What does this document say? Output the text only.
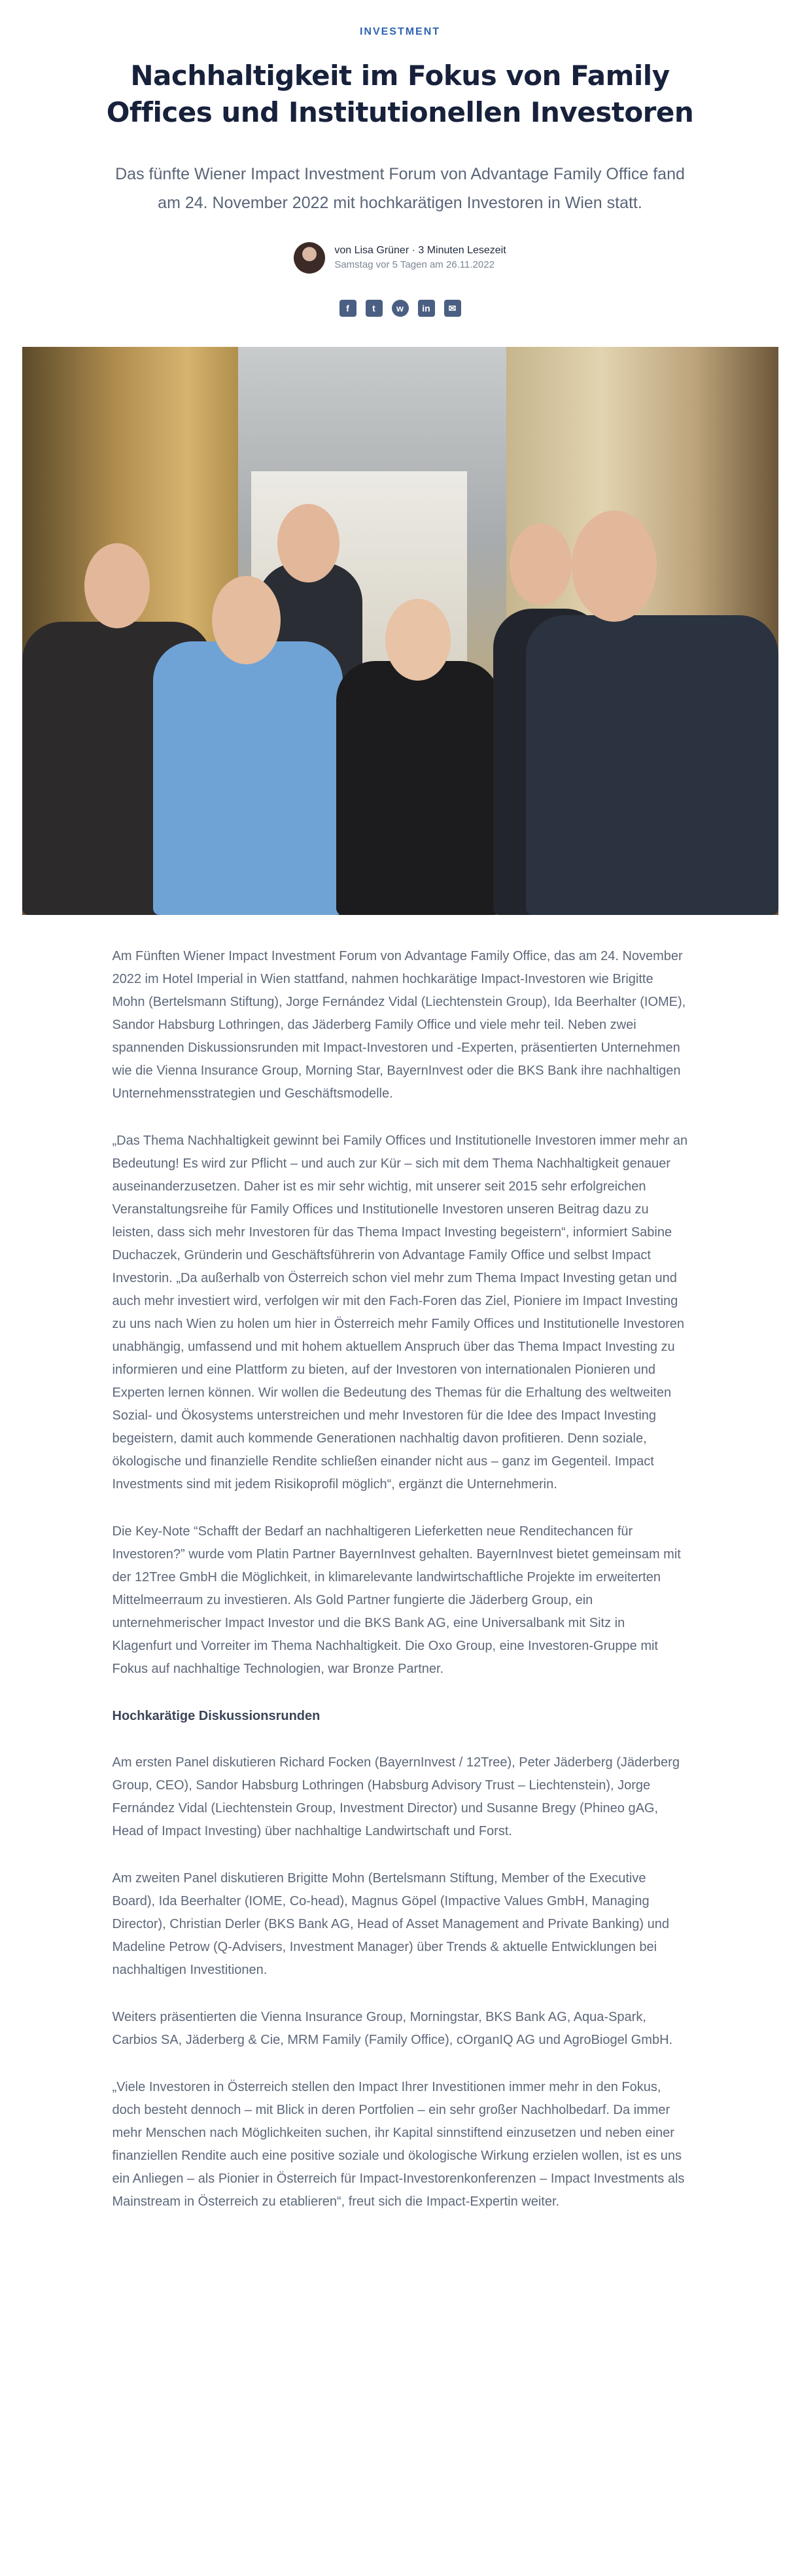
INVESTMENT
Nachhaltigkeit im Fokus von Family Offices und Institutionellen Investoren

Das fünfte Wiener Impact Investment Forum von Advantage Family Office fand am 24. November 2022 mit hochkarätigen Investoren in Wien statt.

von Lisa Grüner · 3 Minuten Lesezeit
Samstag vor 5 Tagen am 26.11.2022
f	t	w	in	✉

Am Fünften Wiener Impact Investment Forum von Advantage Family Office, das am 24. November 2022 im Hotel Imperial in Wien stattfand, nahmen hochkarätige Impact-Investoren wie Brigitte Mohn (Bertelsmann Stiftung), Jorge Fernández Vidal (Liechtenstein Group), Ida Beerhalter (IOME), Sandor Habsburg Lothringen, das Jäderberg Family Office und viele mehr teil. Neben zwei spannenden Diskussionsrunden mit Impact-Investoren und -Experten, präsentierten Unternehmen wie die Vienna Insurance Group, Morning Star, BayernInvest oder die BKS Bank ihre nachhaltigen Unternehmensstrategien und Geschäftsmodelle.

„Das Thema Nachhaltigkeit gewinnt bei Family Offices und Institutionelle Investoren immer mehr an Bedeutung! Es wird zur Pflicht – und auch zur Kür – sich mit dem Thema Nachhaltigkeit genauer auseinanderzusetzen. Daher ist es mir sehr wichtig, mit unserer seit 2015 sehr erfolgreichen Veranstaltungsreihe für Family Offices und Institutionelle Investoren unseren Beitrag dazu zu leisten, dass sich mehr Investoren für das Thema Impact Investing begeistern“, informiert Sabine Duchaczek, Gründerin und Geschäftsführerin von Advantage Family Office und selbst Impact Investorin. „Da außerhalb von Österreich schon viel mehr zum Thema Impact Investing getan und auch mehr investiert wird, verfolgen wir mit den Fach-Foren das Ziel, Pioniere im Impact Investing zu uns nach Wien zu holen um hier in Österreich mehr Family Offices und Institutionelle Investoren unabhängig, umfassend und mit hohem aktuellem Anspruch über das Thema Impact Investing zu informieren und eine Plattform zu bieten, auf der Investoren von internationalen Pionieren und Experten lernen können. Wir wollen die Bedeutung des Themas für die Erhaltung des weltweiten Sozial- und Ökosystems unterstreichen und mehr Investoren für die Idee des Impact Investing begeistern, damit auch kommende Generationen nachhaltig davon profitieren. Denn soziale, ökologische und finanzielle Rendite schließen einander nicht aus – ganz im Gegenteil. Impact Investments sind mit jedem Risikoprofil möglich“, ergänzt die Unternehmerin.

Die Key-Note “Schafft der Bedarf an nachhaltigeren Lieferketten neue Renditechancen für Investoren?” wurde vom Platin Partner BayernInvest gehalten. BayernInvest bietet gemeinsam mit der 12Tree GmbH die Möglichkeit, in klimarelevante landwirtschaftliche Projekte im erweiterten Mittelmeerraum zu investieren. Als Gold Partner fungierte die Jäderberg Group, ein unternehmerischer Impact Investor und die BKS Bank AG, eine Universalbank mit Sitz in Klagenfurt und Vorreiter im Thema Nachhaltigkeit. Die Oxo Group, eine Investoren-Gruppe mit Fokus auf nachhaltige Technologien, war Bronze Partner.

Hochkarätige Diskussionsrunden

Am ersten Panel diskutieren Richard Focken (BayernInvest / 12Tree), Peter Jäderberg (Jäderberg Group, CEO), Sandor Habsburg Lothringen (Habsburg Advisory Trust – Liechtenstein), Jorge Fernández Vidal (Liechtenstein Group, Investment Director) und Susanne Bregy (Phineo gAG, Head of Impact Investing) über nachhaltige Landwirtschaft und Forst.

Am zweiten Panel diskutieren Brigitte Mohn (Bertelsmann Stiftung, Member of the Executive Board), Ida Beerhalter (IOME, Co-head), Magnus Göpel (Impactive Values GmbH, Managing Director), Christian Derler (BKS Bank AG, Head of Asset Management and Private Banking) und Madeline Petrow (Q-Advisers, Investment Manager) über Trends & aktuelle Entwicklungen bei nachhaltigen Investitionen.

Weiters präsentierten die Vienna Insurance Group, Morningstar, BKS Bank AG, Aqua-Spark, Carbios SA, Jäderberg & Cie, MRM Family (Family Office), cOrganIQ AG und AgroBiogel GmbH.

„Viele Investoren in Österreich stellen den Impact Ihrer Investitionen immer mehr in den Fokus, doch besteht dennoch – mit Blick in deren Portfolien – ein sehr großer Nachholbedarf. Da immer mehr Menschen nach Möglichkeiten suchen, ihr Kapital sinnstiftend einzusetzen und neben einer finanziellen Rendite auch eine positive soziale und ökologische Wirkung erzielen wollen, ist es uns ein Anliegen – als Pionier in Österreich für Impact-Investorenkonferenzen – Impact Investments als Mainstream in Österreich zu etablieren“, freut sich die Impact-Expertin weiter.
